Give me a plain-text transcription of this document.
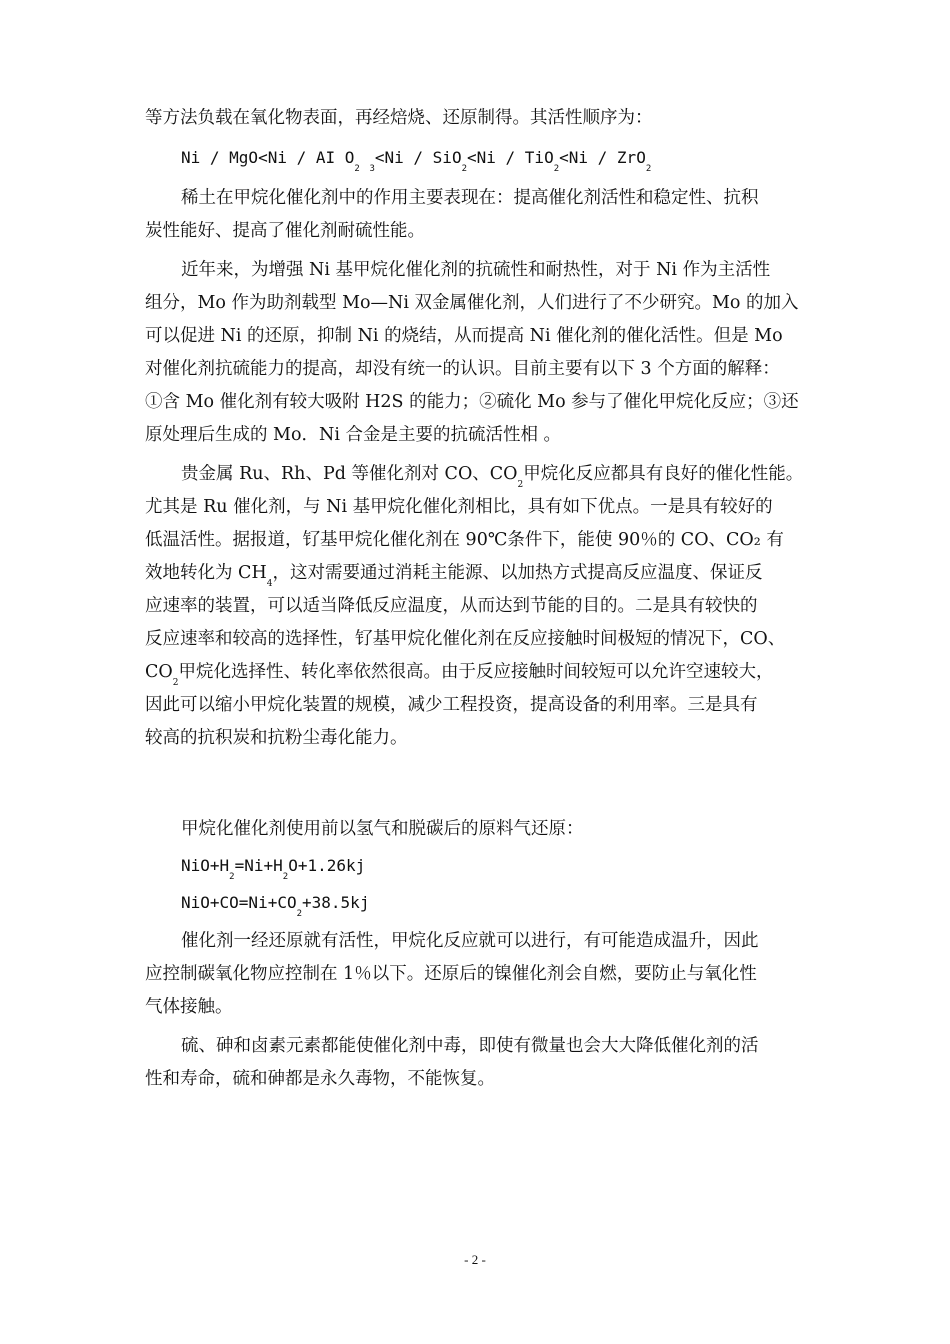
等方法负载在氧化物表面，再经焙烧、还原制得。其活性顺序为：
Ni / MgO<Ni / AI $O_2$ $_3$<Ni / SiO$_2$<Ni / TiO$_2$<Ni / ZrO$_2$
稀土在甲烷化催化剂中的作用主要表现在：提高催化剂活性和稳定性、抗积
炭性能好、提高了催化剂耐硫性能。
近年来，为增强 Ni 基甲烷化催化剂的抗硫性和耐热性，对于 Ni 作为主活性
组分，Mo 作为助剂载型 Mo—Ni 双金属催化剂，人们进行了不少研究。Mo 的加入
可以促进 Ni 的还原，抑制 Ni 的烧结，从而提高 Ni 催化剂的催化活性。但是 Mo
对催化剂抗硫能力的提高，却没有统一的认识。目前主要有以下 3 个方面的解释：
①含 Mo 催化剂有较大吸附 H2S 的能力；②硫化 Mo 参与了催化甲烷化反应；③还
原处理后生成的 Mo．Ni 合金是主要的抗硫活性相 。
贵金属 Ru、Rh、Pd 等催化剂对 CO、$CO_2$甲烷化反应都具有良好的催化性能。
尤其是 Ru 催化剂，与 Ni 基甲烷化催化剂相比，具有如下优点。一是具有较好的
低温活性。据报道，钌基甲烷化催化剂在 90℃条件下，能使 90％的 CO、CO₂ 有
效地转化为 $CH_4$，这对需要通过消耗主能源、以加热方式提高反应温度、保证反
应速率的装置，可以适当降低反应温度，从而达到节能的目的。二是具有较快的
反应速率和较高的选择性，钌基甲烷化催化剂在反应接触时间极短的情况下，CO、
$CO_2$甲烷化选择性、转化率依然很高。由于反应接触时间较短可以允许空速较大，
因此可以缩小甲烷化装置的规模，减少工程投资，提高设备的利用率。三是具有
较高的抗积炭和抗粉尘毒化能力。
甲烷化催化剂使用前以氢气和脱碳后的原料气还原：
$NiO+H_2=Ni+H_2O+1.26kj$
$NiO+CO=Ni+CO_2+38.5kj$
催化剂一经还原就有活性，甲烷化反应就可以进行，有可能造成温升，因此
应控制碳氧化物应控制在 1％以下。还原后的镍催化剂会自燃，要防止与氧化性
气体接触。
硫、砷和卤素元素都能使催化剂中毒，即使有微量也会大大降低催化剂的活
性和寿命，硫和砷都是永久毒物，不能恢复。
- 2 -
